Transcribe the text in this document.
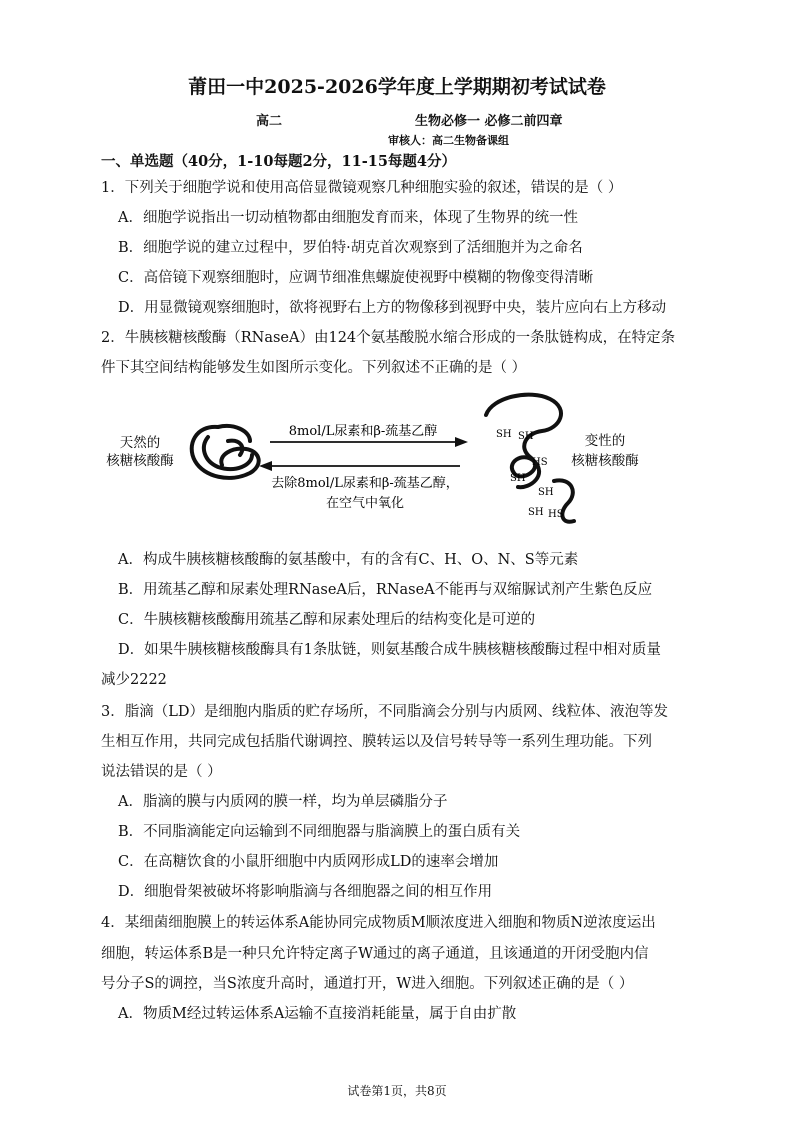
莆田一中2025-2026学年度上学期期初考试试卷
高二	生物必修一 必修二前四章
审核人：高二生物备课组
一、单选题（40分，1-10每题2分，11-15每题4分）
1．下列关于细胞学说和使用高倍显微镜观察几种细胞实验的叙述，错误的是（ ）
A．细胞学说指出一切动植物都由细胞发育而来，体现了生物界的统一性
B．细胞学说的建立过程中，罗伯特·胡克首次观察到了活细胞并为之命名
C．高倍镜下观察细胞时，应调节细准焦螺旋使视野中模糊的物像变得清晰
D．用显微镜观察细胞时，欲将视野右上方的物像移到视野中央，装片应向右上方移动
2．牛胰核糖核酸酶（RNaseA）由124个氨基酸脱水缩合形成的一条肽链构成，在特定条
件下其空间结构能够发生如图所示变化。下列叙述不正确的是（ ）
天然的
核糖核酸酶
8mol/L尿素和β-巯基乙醇
去除8mol/L尿素和β-巯基乙醇，
在空气中氧化
SH SH
HS
SH
SH
SH HS
变性的
核糖核酸酶
A．构成牛胰核糖核酸酶的氨基酸中，有的含有C、H、O、N、S等元素
B．用巯基乙醇和尿素处理RNaseA后，RNaseA不能再与双缩脲试剂产生紫色反应
C．牛胰核糖核酸酶用巯基乙醇和尿素处理后的结构变化是可逆的
D．如果牛胰核糖核酸酶具有1条肽链，则氨基酸合成牛胰核糖核酸酶过程中相对质量
减少2222
3．脂滴（LD）是细胞内脂质的贮存场所，不同脂滴会分别与内质网、线粒体、液泡等发
生相互作用，共同完成包括脂代谢调控、膜转运以及信号转导等一系列生理功能。下列
说法错误的是（ ）
A．脂滴的膜与内质网的膜一样，均为单层磷脂分子
B．不同脂滴能定向运输到不同细胞器与脂滴膜上的蛋白质有关
C．在高糖饮食的小鼠肝细胞中内质网形成LD的速率会增加
D．细胞骨架被破坏将影响脂滴与各细胞器之间的相互作用
4．某细菌细胞膜上的转运体系A能协同完成物质M顺浓度进入细胞和物质N逆浓度运出
细胞，转运体系B是一种只允许特定离子W通过的离子通道，且该通道的开闭受胞内信
号分子S的调控，当S浓度升高时，通道打开，W进入细胞。下列叙述正确的是（ ）
A．物质M经过转运体系A运输不直接消耗能量，属于自由扩散
试卷第1页，共8页
